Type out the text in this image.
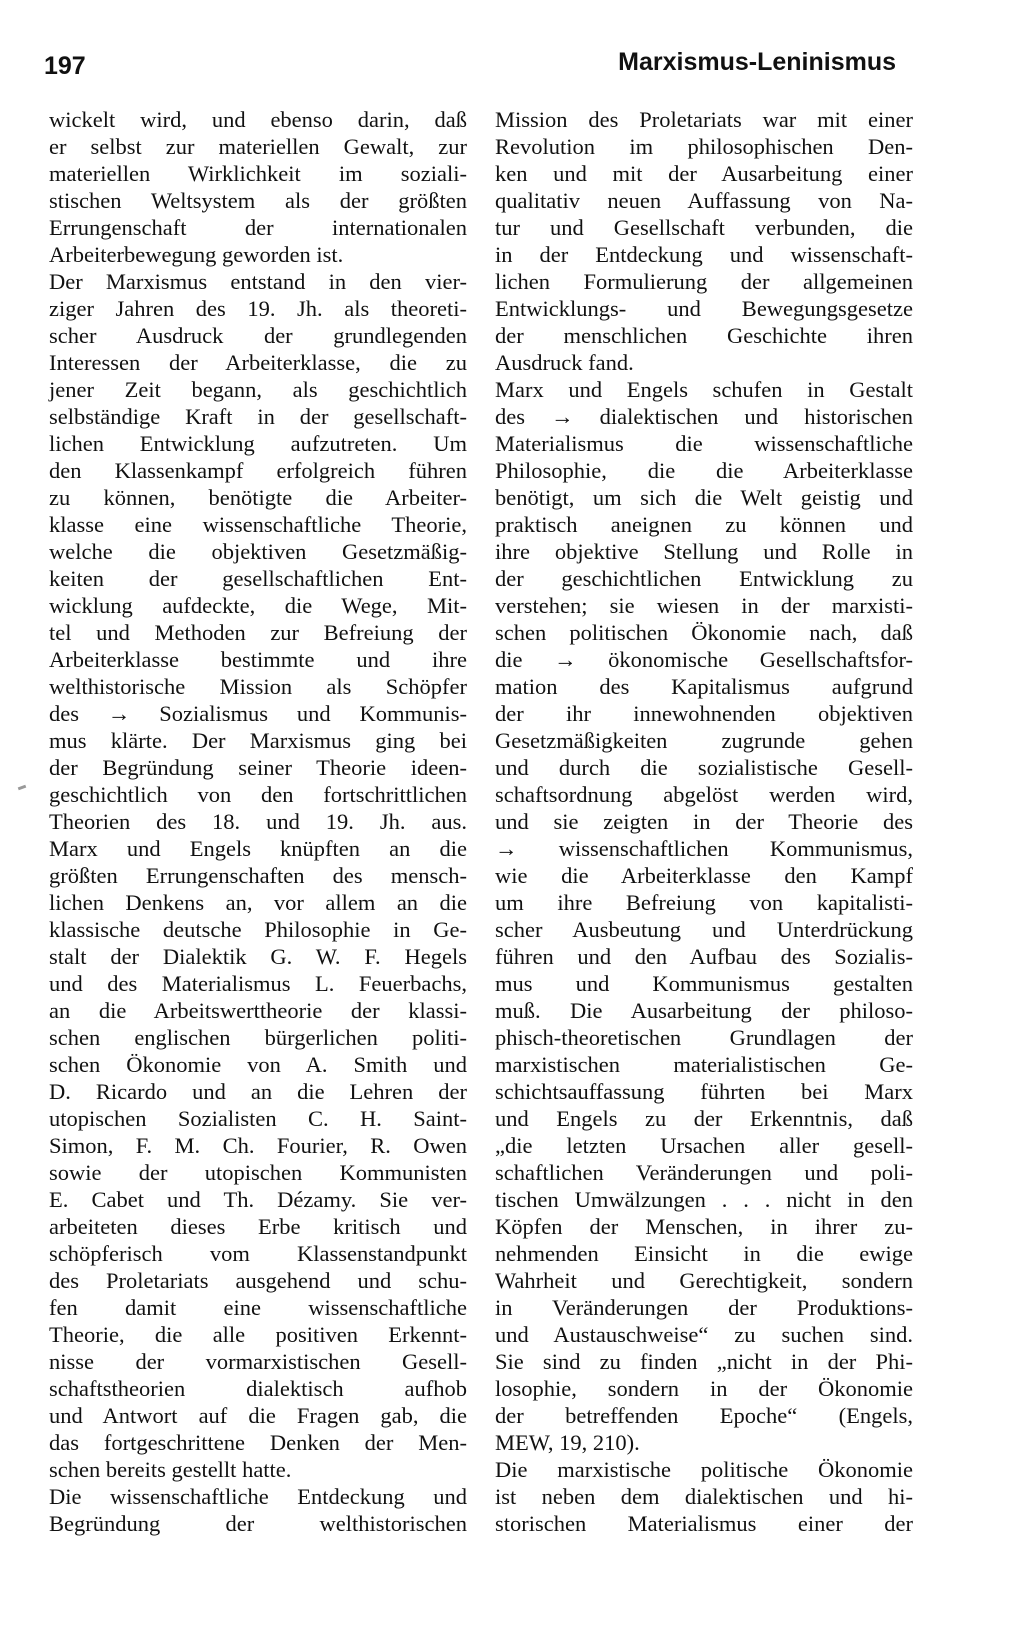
197	Marxismus-Leninismus
wickelt wird, und ebenso darin, daß
er selbst zur materiellen Gewalt, zur
materiellen Wirklichkeit im soziali-
stischen Weltsystem als der größten
Errungenschaft der internationalen
Arbeiterbewegung geworden ist.
Der Marxismus entstand in den vier-
ziger Jahren des 19. Jh. als theoreti-
scher Ausdruck der grundlegenden
Interessen der Arbeiterklasse, die zu
jener Zeit begann, als geschichtlich
selbständige Kraft in der gesellschaft-
lichen Entwicklung aufzutreten. Um
den Klassenkampf erfolgreich führen
zu können, benötigte die Arbeiter-
klasse eine wissenschaftliche Theorie,
welche die objektiven Gesetzmäßig-
keiten der gesellschaftlichen Ent-
wicklung aufdeckte, die Wege, Mit-
tel und Methoden zur Befreiung der
Arbeiterklasse bestimmte und ihre
welthistorische Mission als Schöpfer
des → Sozialismus und Kommunis-
mus klärte. Der Marxismus ging bei
der Begründung seiner Theorie ideen-
geschichtlich von den fortschrittlichen
Theorien des 18. und 19. Jh. aus.
Marx und Engels knüpften an die
größten Errungenschaften des mensch-
lichen Denkens an, vor allem an die
klassische deutsche Philosophie in Ge-
stalt der Dialektik G. W. F. Hegels
und des Materialismus L. Feuerbachs,
an die Arbeitswerttheorie der klassi-
schen englischen bürgerlichen politi-
schen Ökonomie von A. Smith und
D. Ricardo und an die Lehren der
utopischen Sozialisten C. H. Saint-
Simon, F. M. Ch. Fourier, R. Owen
sowie der utopischen Kommunisten
E. Cabet und Th. Dézamy. Sie ver-
arbeiteten dieses Erbe kritisch und
schöpferisch vom Klassenstandpunkt
des Proletariats ausgehend und schu-
fen damit eine wissenschaftliche
Theorie, die alle positiven Erkennt-
nisse der vormarxistischen Gesell-
schaftstheorien dialektisch aufhob
und Antwort auf die Fragen gab, die
das fortgeschrittene Denken der Men-
schen bereits gestellt hatte.
Die wissenschaftliche Entdeckung und
Begründung der welthistorischen
Mission des Proletariats war mit einer
Revolution im philosophischen Den-
ken und mit der Ausarbeitung einer
qualitativ neuen Auffassung von Na-
tur und Gesellschaft verbunden, die
in der Entdeckung und wissenschaft-
lichen Formulierung der allgemeinen
Entwicklungs- und Bewegungsgesetze
der menschlichen Geschichte ihren
Ausdruck fand.
Marx und Engels schufen in Gestalt
des → dialektischen und historischen
Materialismus die wissenschaftliche
Philosophie, die die Arbeiterklasse
benötigt, um sich die Welt geistig und
praktisch aneignen zu können und
ihre objektive Stellung und Rolle in
der geschichtlichen Entwicklung zu
verstehen; sie wiesen in der marxisti-
schen politischen Ökonomie nach, daß
die → ökonomische Gesellschaftsfor-
mation des Kapitalismus aufgrund
der ihr innewohnenden objektiven
Gesetzmäßigkeiten zugrunde gehen
und durch die sozialistische Gesell-
schaftsordnung abgelöst werden wird,
und sie zeigten in der Theorie des
→ wissenschaftlichen Kommunismus,
wie die Arbeiterklasse den Kampf
um ihre Befreiung von kapitalisti-
scher Ausbeutung und Unterdrückung
führen und den Aufbau des Sozialis-
mus und Kommunismus gestalten
muß. Die Ausarbeitung der philoso-
phisch-theoretischen Grundlagen der
marxistischen materialistischen Ge-
schichtsauffassung führten bei Marx
und Engels zu der Erkenntnis, daß
„die letzten Ursachen aller gesell-
schaftlichen Veränderungen und poli-
tischen Umwälzungen . . . nicht in den
Köpfen der Menschen, in ihrer zu-
nehmenden Einsicht in die ewige
Wahrheit und Gerechtigkeit, sondern
in Veränderungen der Produktions-
und Austauschweise“ zu suchen sind.
Sie sind zu finden „nicht in der Phi-
losophie, sondern in der Ökonomie
der betreffenden Epoche“ (Engels,
MEW, 19, 210).
Die marxistische politische Ökonomie
ist neben dem dialektischen und hi-
storischen Materialismus einer der
